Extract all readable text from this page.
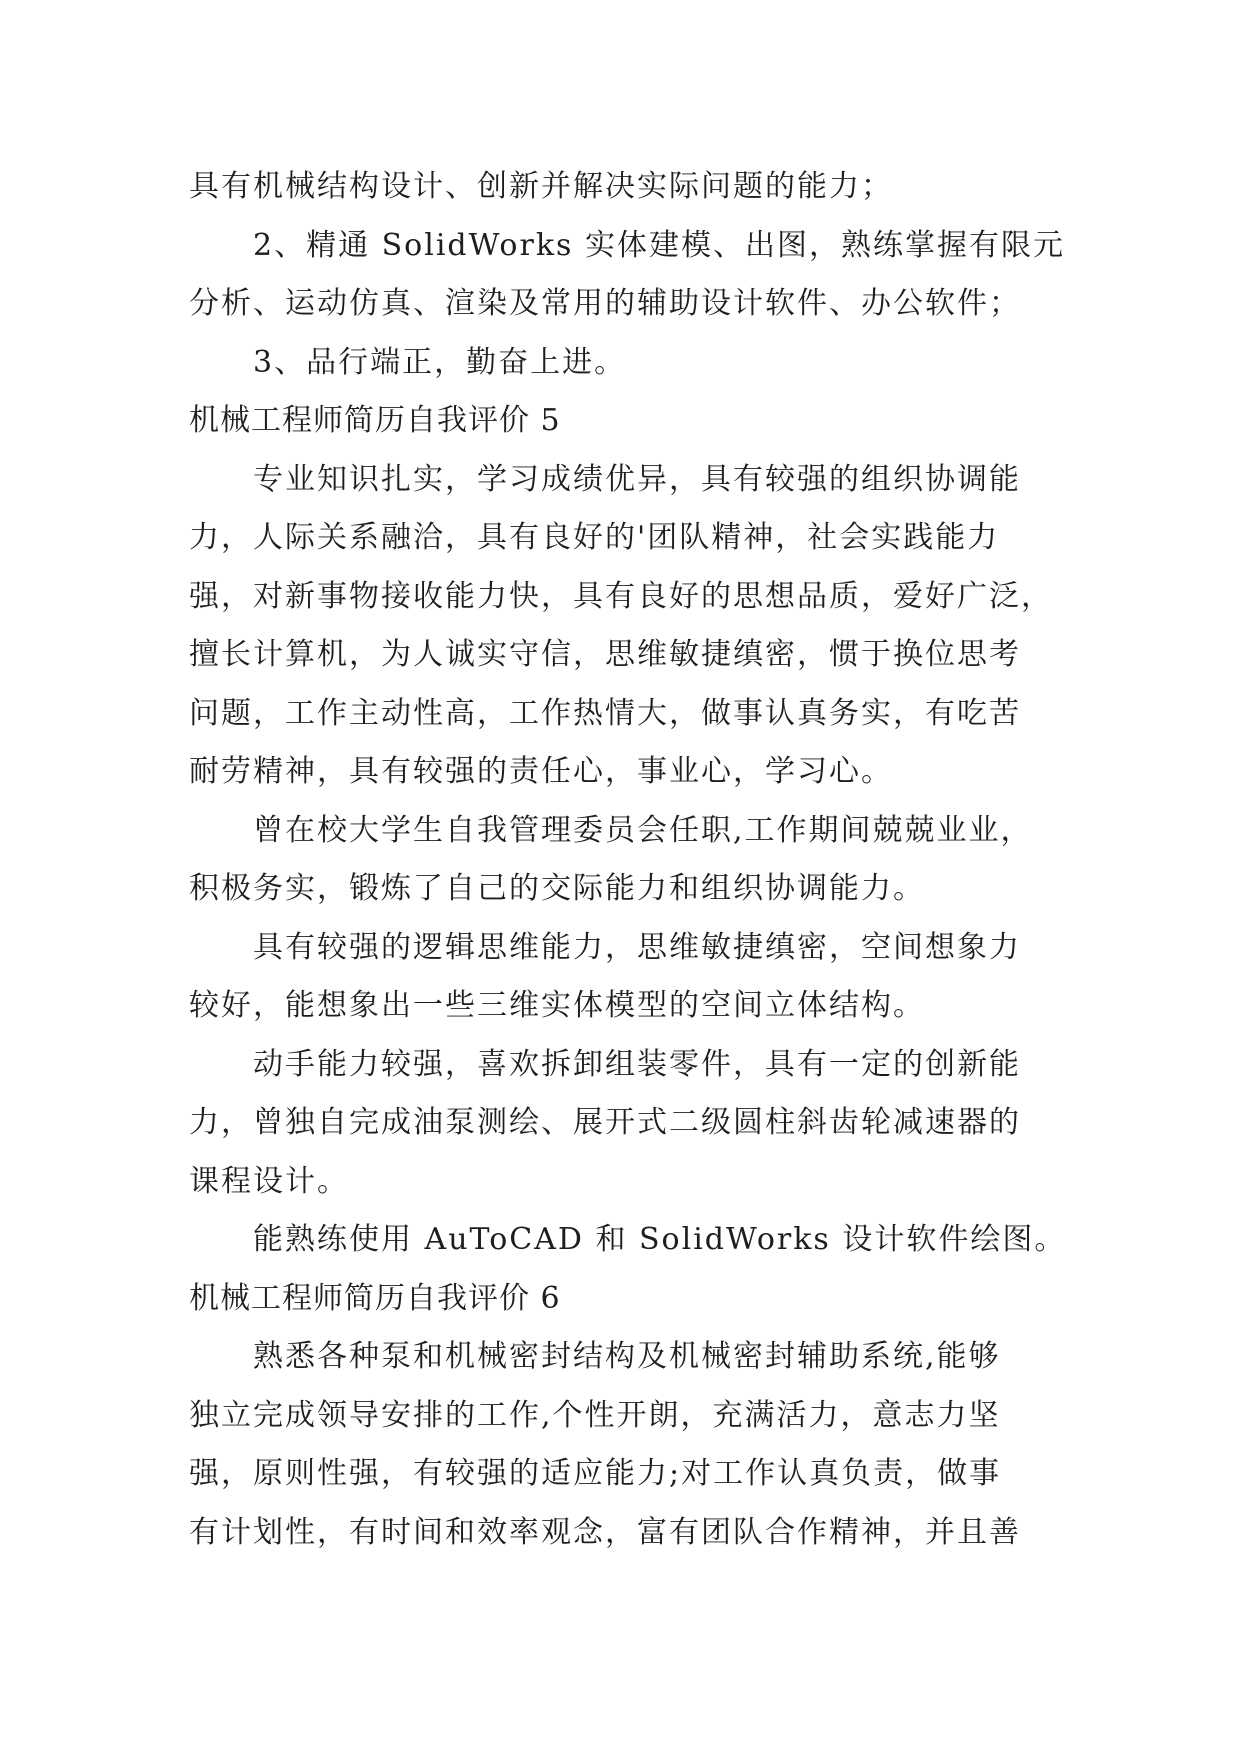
具有机械结构设计、创新并解决实际问题的能力；
2、精通 SolidWorks 实体建模、出图，熟练掌握有限元
分析、运动仿真、渲染及常用的辅助设计软件、办公软件；
3、品行端正，勤奋上进。
机械工程师简历自我评价 5
专业知识扎实，学习成绩优异，具有较强的组织协调能
力，人际关系融洽，具有良好的'团队精神，社会实践能力
强，对新事物接收能力快，具有良好的思想品质，爱好广泛，
擅长计算机，为人诚实守信，思维敏捷缜密，惯于换位思考
问题，工作主动性高，工作热情大，做事认真务实，有吃苦
耐劳精神，具有较强的责任心，事业心，学习心。
曾在校大学生自我管理委员会任职,工作期间兢兢业业，
积极务实，锻炼了自己的交际能力和组织协调能力。
具有较强的逻辑思维能力，思维敏捷缜密，空间想象力
较好，能想象出一些三维实体模型的空间立体结构。
动手能力较强，喜欢拆卸组装零件，具有一定的创新能
力，曾独自完成油泵测绘、展开式二级圆柱斜齿轮减速器的
课程设计。
能熟练使用 AuToCAD 和 SolidWorks 设计软件绘图。
机械工程师简历自我评价 6
熟悉各种泵和机械密封结构及机械密封辅助系统,能够
独立完成领导安排的工作,个性开朗，充满活力，意志力坚
强，原则性强，有较强的适应能力;对工作认真负责，做事
有计划性，有时间和效率观念，富有团队合作精神，并且善
